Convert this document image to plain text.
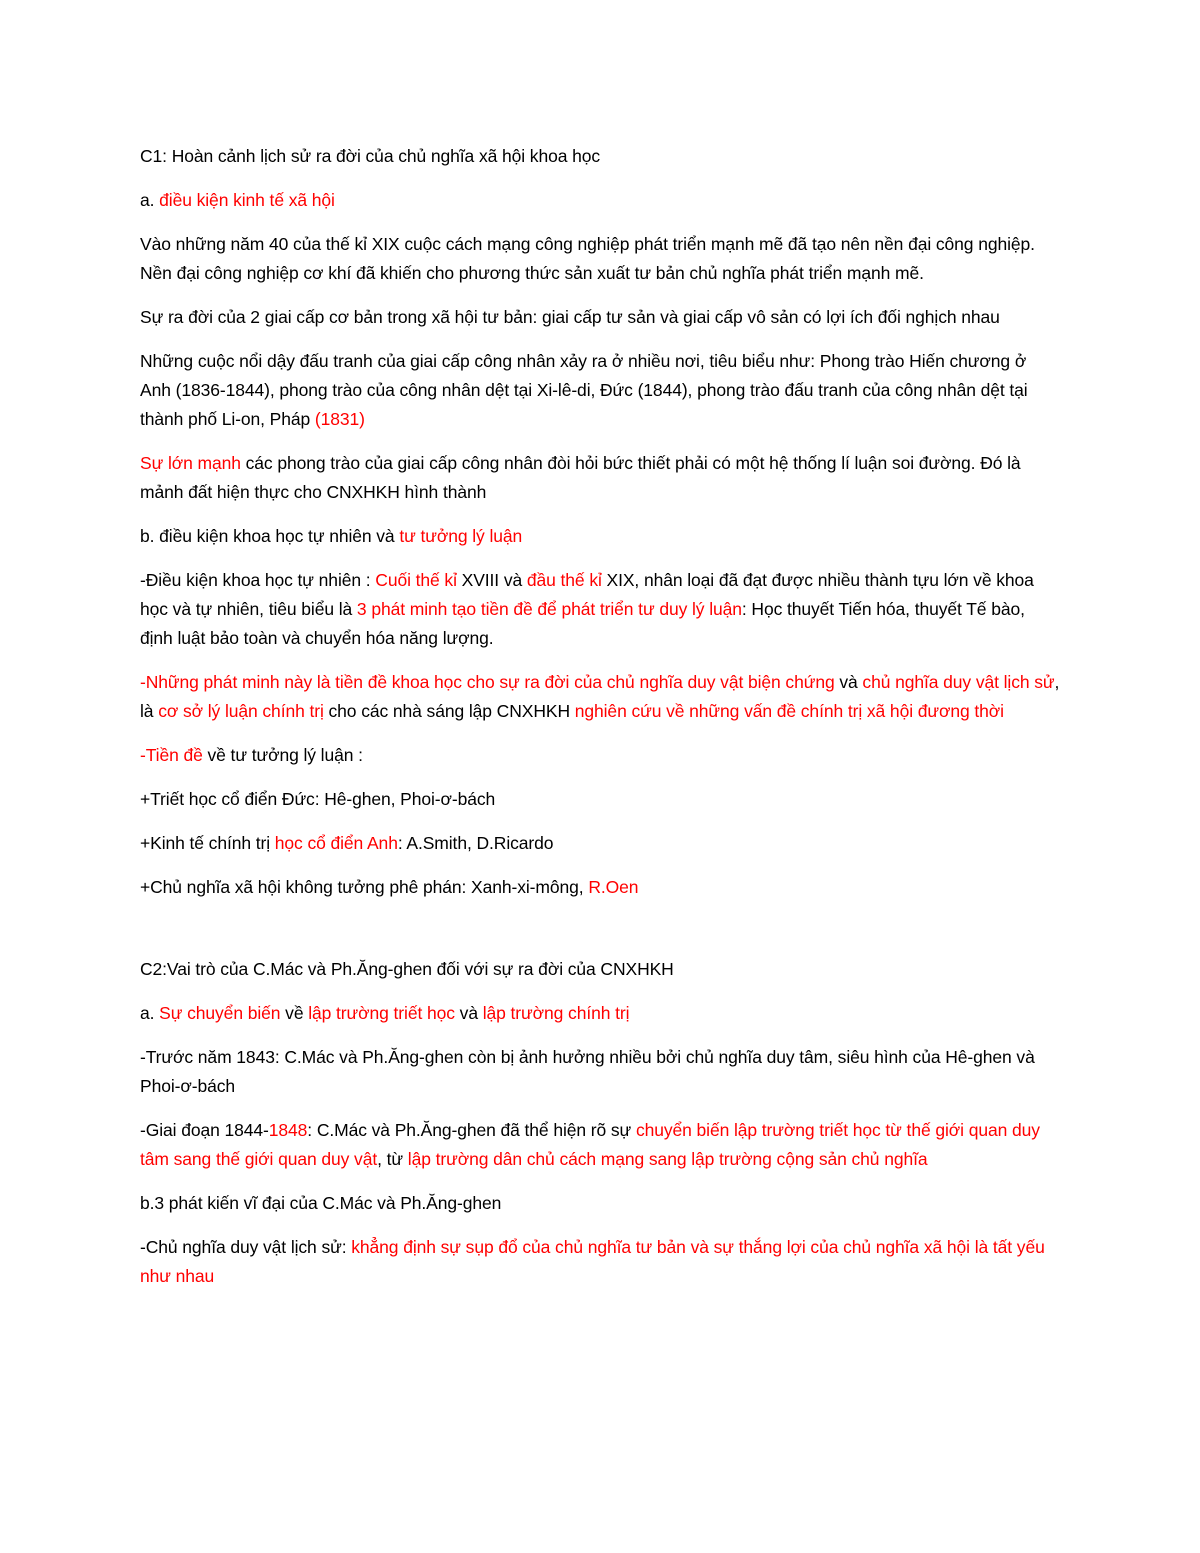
C1: Hoàn cảnh lịch sử ra đời của chủ nghĩa xã hội khoa học

a. điều kiện kinh tế xã hội

Vào những năm 40 của thế kỉ XIX cuộc cách mạng công nghiệp phát triển mạnh mẽ đã tạo nên nền đại công nghiệp. Nền đại công nghiệp cơ khí đã khiến cho phương thức sản xuất tư bản chủ nghĩa phát triển mạnh mẽ.

Sự ra đời của 2 giai cấp cơ bản trong xã hội tư bản: giai cấp tư sản và giai cấp vô sản có lợi ích đối nghịch nhau

Những cuộc nổi dậy đấu tranh của giai cấp công nhân xảy ra ở nhiều nơi, tiêu biểu như: Phong trào Hiến chương ở Anh (1836-1844), phong trào của công nhân dệt tại Xi-lê-di, Đức (1844), phong trào đấu tranh của công nhân dệt tại thành phố Li-on, Pháp (1831)

Sự lớn mạnh các phong trào của giai cấp công nhân đòi hỏi bức thiết phải có một hệ thống lí luận soi đường. Đó là mảnh đất hiện thực cho CNXHKH hình thành

b. điều kiện khoa học tự nhiên và tư tưởng lý luận

-Điều kiện khoa học tự nhiên : Cuối thế kỉ XVIII và đầu thế kỉ XIX, nhân loại đã đạt được nhiều thành tựu lớn về khoa học và tự nhiên, tiêu biểu là 3 phát minh tạo tiền đề để phát triển tư duy lý luận: Học thuyết Tiến hóa, thuyết Tế bào, định luật bảo toàn và chuyển hóa năng lượng.

-Những phát minh này là tiền đề khoa học cho sự ra đời của chủ nghĩa duy vật biện chứng và chủ nghĩa duy vật lịch sử, là cơ sở lý luận chính trị cho các nhà sáng lập CNXHKH nghiên cứu về những vấn đề chính trị xã hội đương thời

-Tiền đề về tư tưởng lý luận :

+Triết học cổ điển Đức: Hê-ghen, Phoi-ơ-bách

+Kinh tế chính trị học cổ điển Anh: A.Smith, D.Ricardo

+Chủ nghĩa xã hội không tưởng phê phán: Xanh-xi-mông, R.Oen

C2:Vai trò của C.Mác và Ph.Ăng-ghen đối với sự ra đời của CNXHKH

a. Sự chuyển biến về lập trường triết học và lập trường chính trị

-Trước năm 1843: C.Mác và Ph.Ăng-ghen còn bị ảnh hưởng nhiều bởi chủ nghĩa duy tâm, siêu hình của Hê-ghen và Phoi-ơ-bách

-Giai đoạn 1844-1848: C.Mác và Ph.Ăng-ghen đã thể hiện rõ sự chuyển biến lập trường triết học từ thế giới quan duy tâm sang thế giới quan duy vật, từ lập trường dân chủ cách mạng sang lập trường cộng sản chủ nghĩa

b.3 phát kiến vĩ đại của C.Mác và Ph.Ăng-ghen

-Chủ nghĩa duy vật lịch sử: khẳng định sự sụp đổ của chủ nghĩa tư bản và sự thắng lợi của chủ nghĩa xã hội là tất yếu như nhau
